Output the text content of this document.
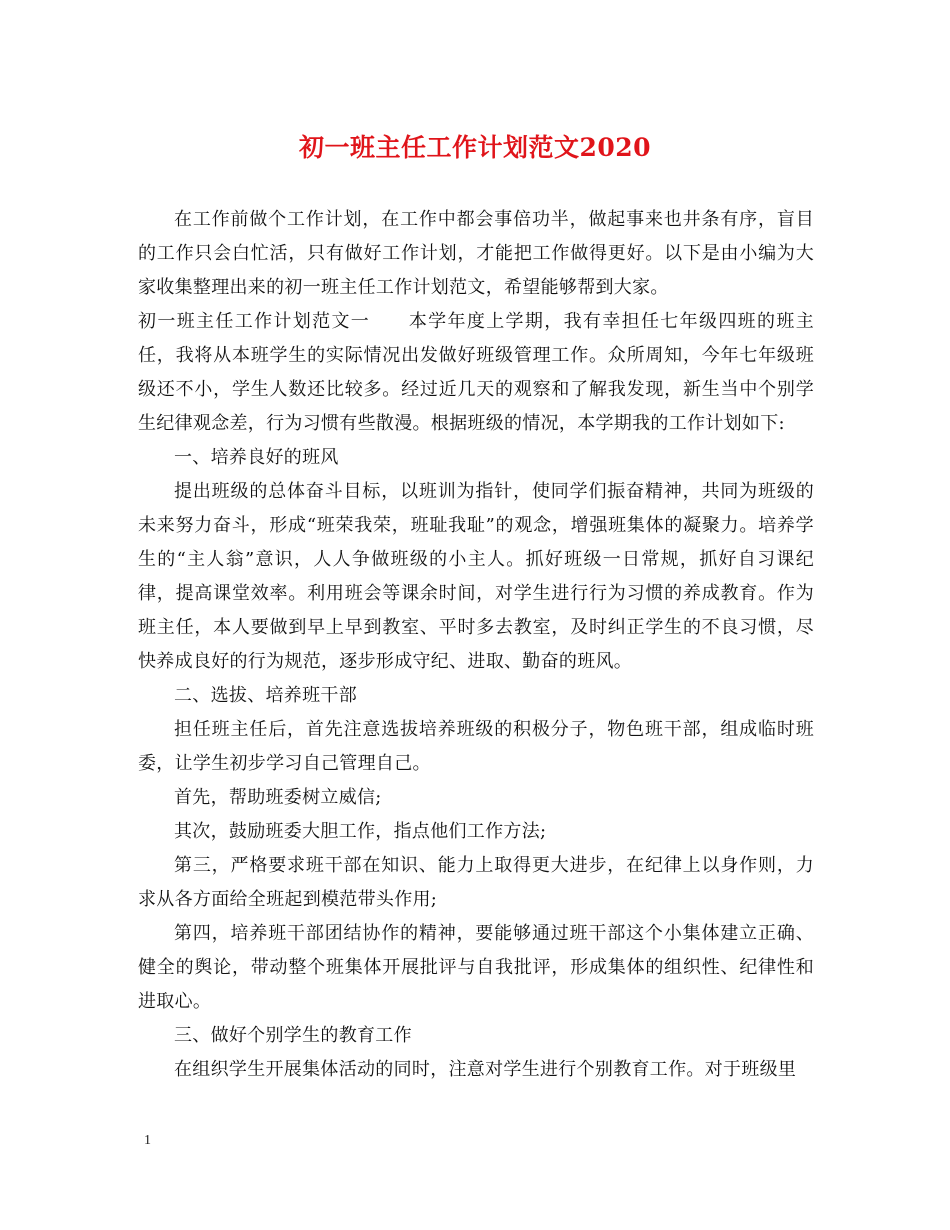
初一班主任工作计划范文2020

在工作前做个工作计划，在工作中都会事倍功半，做起事来也井条有序，盲目的工作只会白忙活，只有做好工作计划，才能把工作做得更好。以下是由小编为大家收集整理出来的初一班主任工作计划范文，希望能够帮到大家。

初一班主任工作计划范文一　　本学年度上学期，我有幸担任七年级四班的班主任，我将从本班学生的实际情况出发做好班级管理工作。众所周知，今年七年级班级还不小，学生人数还比较多。经过近几天的观察和了解我发现，新生当中个别学生纪律观念差，行为习惯有些散漫。根据班级的情况，本学期我的工作计划如下:

一、培养良好的班风

提出班级的总体奋斗目标，以班训为指针，使同学们振奋精神，共同为班级的未来努力奋斗，形成“班荣我荣，班耻我耻”的观念，增强班集体的凝聚力。培养学生的“主人翁”意识，人人争做班级的小主人。抓好班级一日常规，抓好自习课纪律，提高课堂效率。利用班会等课余时间，对学生进行行为习惯的养成教育。作为班主任，本人要做到早上早到教室、平时多去教室，及时纠正学生的不良习惯，尽快养成良好的行为规范，逐步形成守纪、进取、勤奋的班风。

二、选拔、培养班干部

担任班主任后，首先注意选拔培养班级的积极分子，物色班干部，组成临时班委，让学生初步学习自己管理自己。

首先，帮助班委树立威信;

其次，鼓励班委大胆工作，指点他们工作方法;

第三，严格要求班干部在知识、能力上取得更大进步，在纪律上以身作则，力求从各方面给全班起到模范带头作用;

第四，培养班干部团结协作的精神，要能够通过班干部这个小集体建立正确、健全的舆论，带动整个班集体开展批评与自我批评，形成集体的组织性、纪律性和进取心。

三、做好个别学生的教育工作

在组织学生开展集体活动的同时，注意对学生进行个别教育工作。对于班级里

1
